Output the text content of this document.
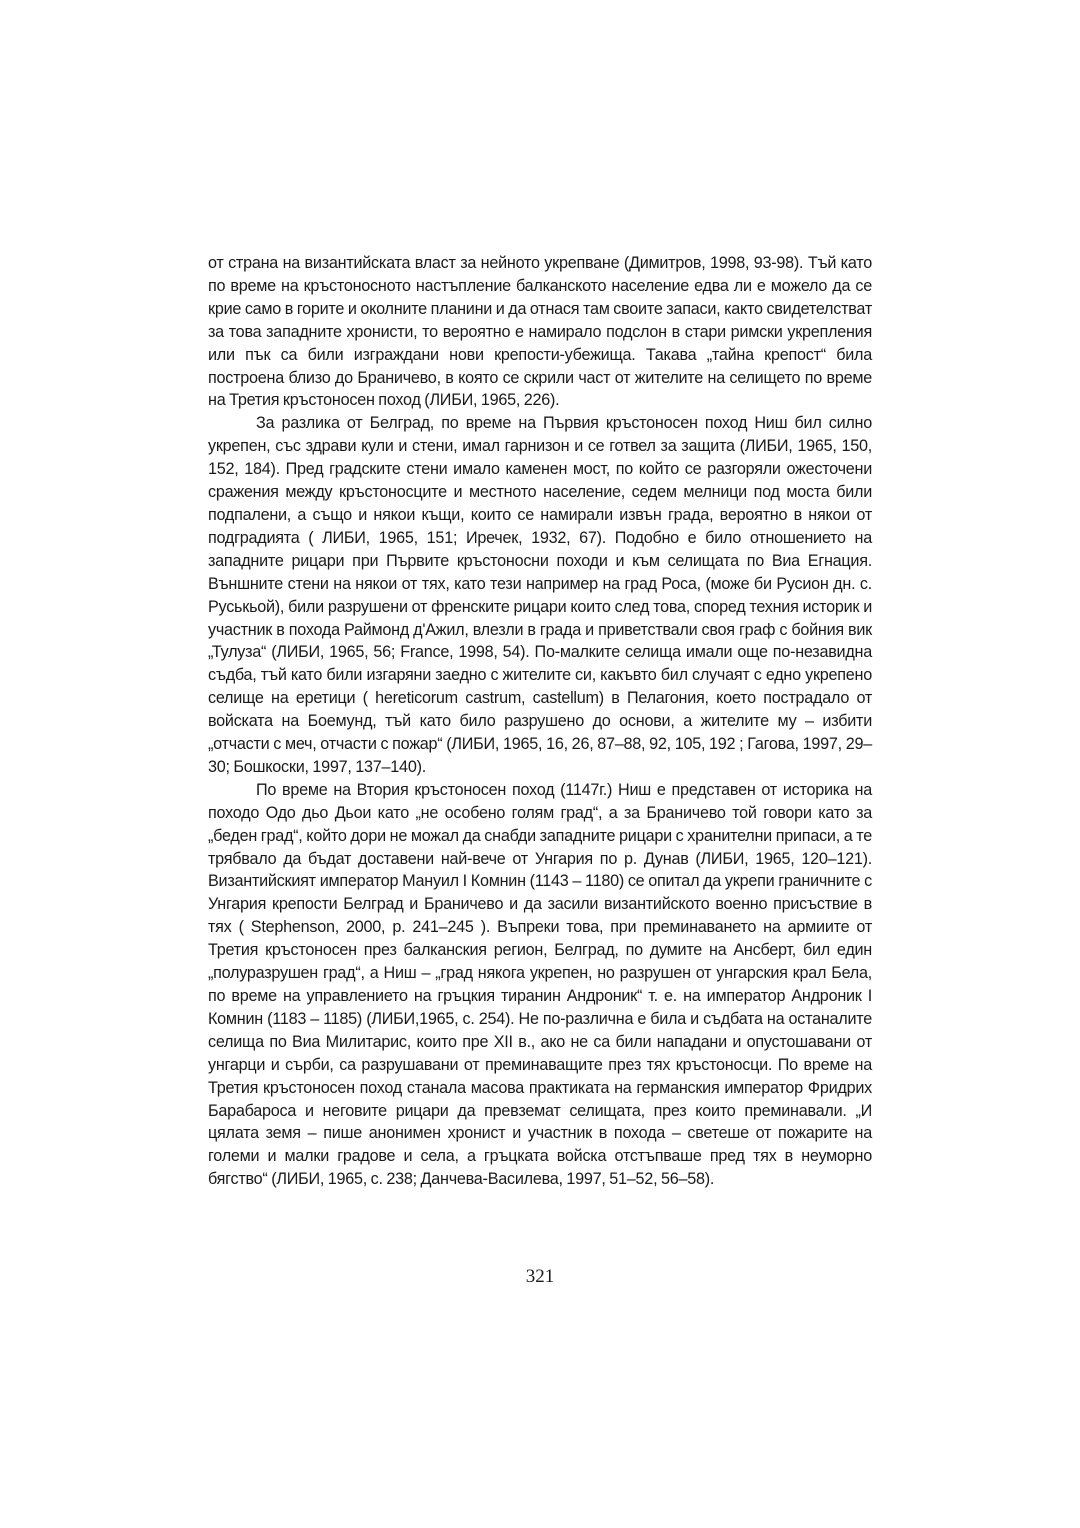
от страна на византийската власт за нейното укрепване (Димитров, 1998, 93-98). Тъй като по време на кръстоносното настъпление балканското население едва ли е можело да се крие само в горите и околните планини и да отнася там своите запаси, както свидетелстват за това западните хронисти, то вероятно е намирало подслон в стари римски укрепления или пък са били изграждани нови крепости-убежища. Такава „тайна крепост“ била построена близо до Браничево, в която се скрили част от жителите на селището по време на Третия кръстоносен поход (ЛИБИ, 1965, 226).

За разлика от Белград, по време на Първия кръстоносен поход Ниш бил силно укрепен, със здрави кули и стени, имал гарнизон и се готвел за защита (ЛИБИ, 1965, 150, 152, 184). Пред градските стени имало каменен мост, по който се разгоряли ожесточени сражения между кръстоносците и местното население, седем мелници под моста били подпалени, а също и някои къщи, които се намирали извън града, вероятно в някои от подградията ( ЛИБИ, 1965, 151; Иречек, 1932, 67). Подобно е било отношението на западните рицари при Първите кръстоносни походи и към селищата по Виа Егнация. Външните стени на някои от тях, като тези например на град Роса, (може би Русион дн. с. Руськьой), били разрушени от френските рицари които след това, според техния историк и участник в похода Раймонд д'Ажил, влезли в града и приветствали своя граф с бойния вик „Тулуза“ (ЛИБИ, 1965, 56; France, 1998, 54). По-малките селища имали още по-незавидна съдба, тъй като били изгаряни заедно с жителите си, какъвто бил случаят с едно укрепено селище на еретици ( hereticorum castrum, castellum) в Пелагония, което пострадало от войската на Боемунд, тъй като било разрушено до основи, а жителите му – избити „отчасти с меч, отчасти с пожар“ (ЛИБИ, 1965, 16, 26, 87–88, 92, 105, 192 ; Гагова, 1997, 29–30; Бошкоски, 1997, 137–140).

По време на Втория кръстоносен поход (1147г.) Ниш е представен от историка на походо Одо дьо Дьои като „не особено голям град“, а за Браничево той говори като за „беден град“, който дори не можал да снабди западните рицари с хранителни припаси, а те трябвало да бъдат доставени най-вече от Унгария по р. Дунав (ЛИБИ, 1965, 120–121). Византийският император Мануил I Комнин (1143 – 1180) се опитал да укрепи граничните с Унгария крепости Белград и Браничево и да засили византийското военно присъствие в тях ( Stephenson, 2000, p. 241–245 ). Въпреки това, при преминаването на армиите от Третия кръстоносен през балканския регион, Белград, по думите на Ансберт, бил един „полуразрушен град“, а Ниш – „град някога укрепен, но разрушен от унгарския крал Бела, по време на управлението на гръцкия тиранин Андроник“ т. е. на император Андроник I Комнин (1183 – 1185) (ЛИБИ,1965, с. 254). Не по-различна е била и съдбата на останалите селища по Виа Милитарис, които пре XII в., ако не са били нападани и опустошавани от унгарци и сърби, са разрушавани от преминаващите през тях кръстоносци. По време на Третия кръстоносен поход станала масова практиката на германския император Фридрих Барабароса и неговите рицари да превземат селищата, през които преминавали. „И цялата земя – пише анонимен хронист и участник в похода – светеше от пожарите на големи и малки градове и села, а гръцката войска отстъпваше пред тях в неуморно бягство“ (ЛИБИ, 1965, с. 238; Данчева-Василева, 1997, 51–52, 56–58).

321
